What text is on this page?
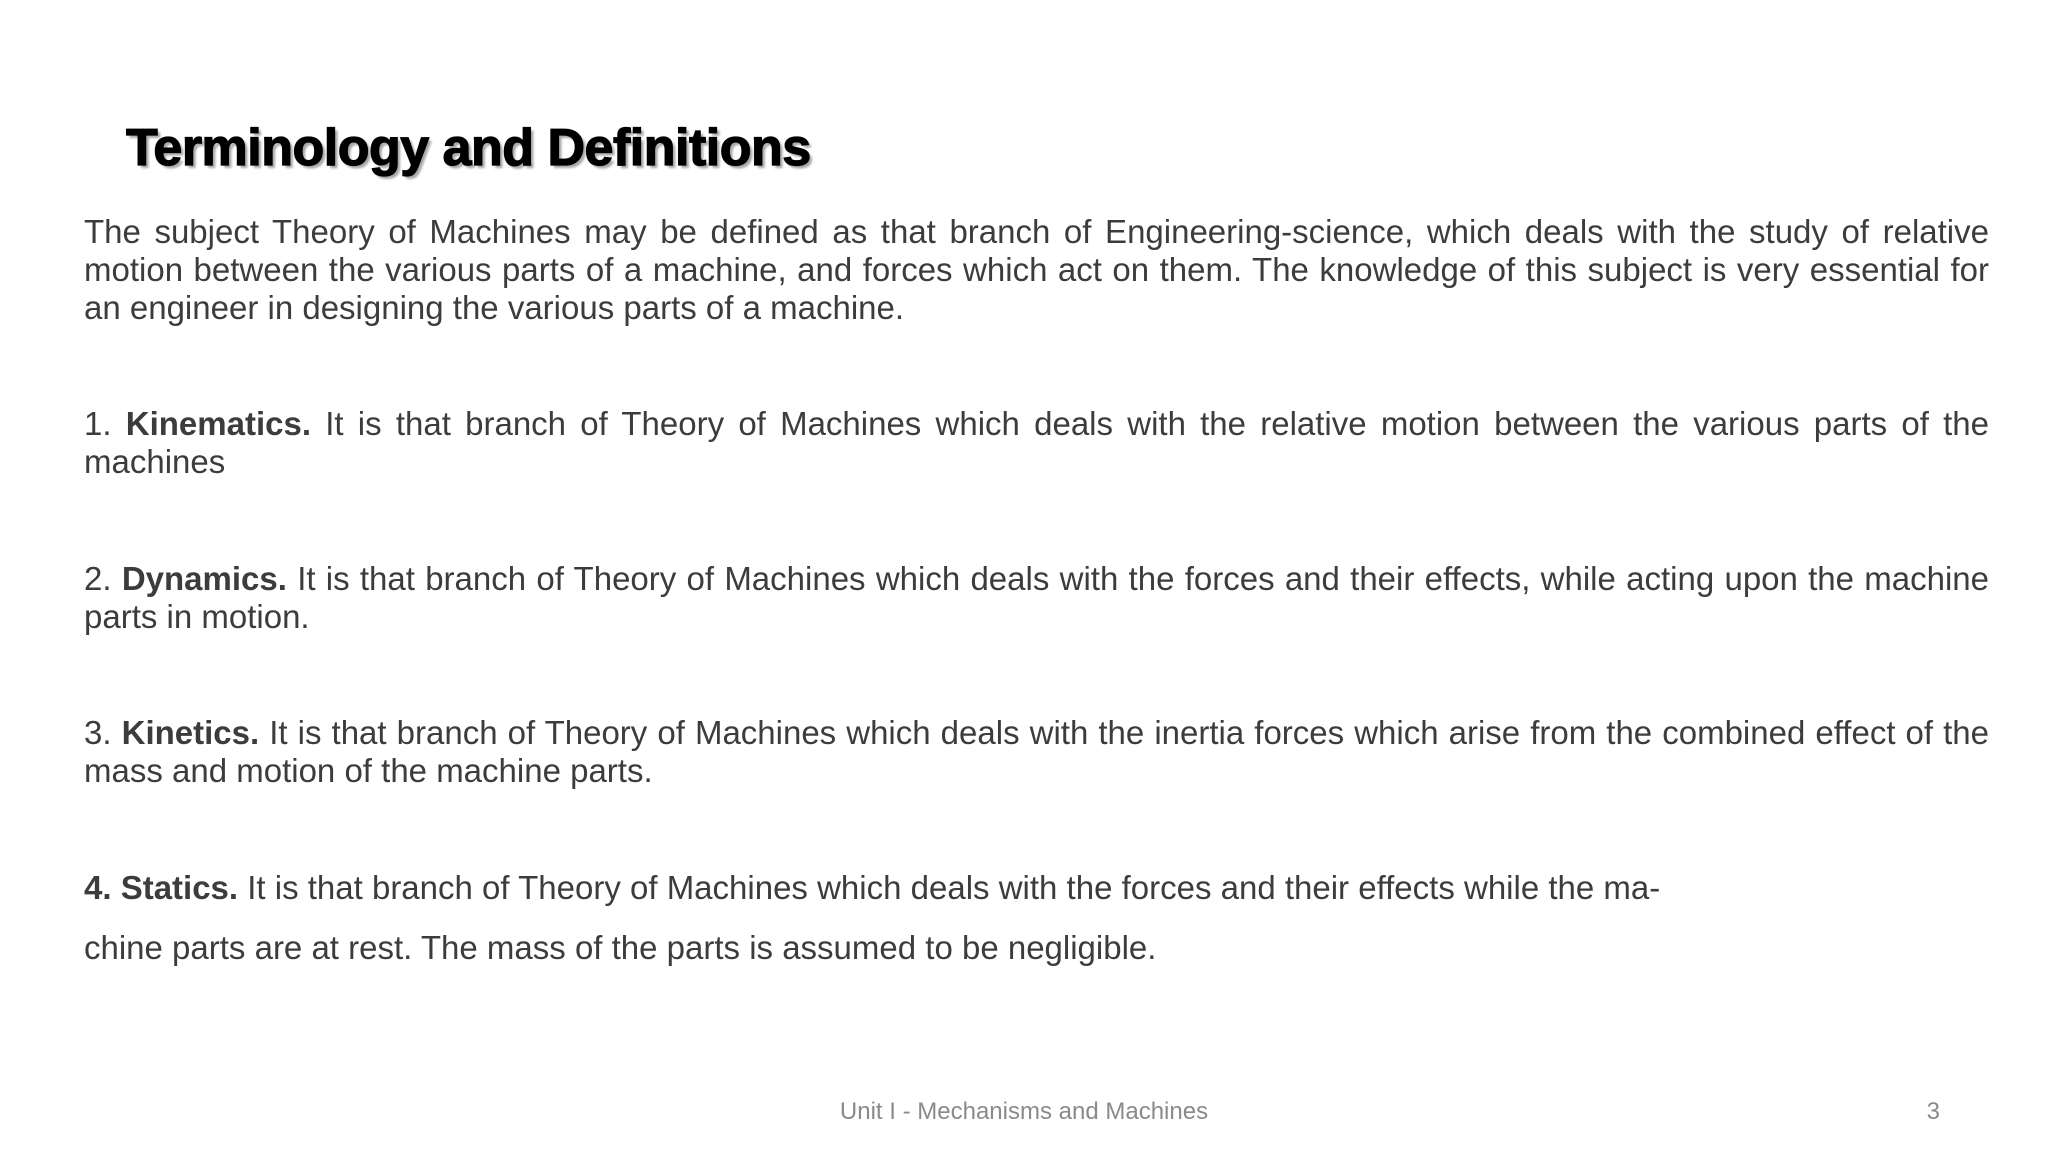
Terminology and Definitions

The subject Theory of Machines may be defined as that branch of Engineering-science, which deals with the study of relative motion between the various parts of a machine, and forces which act on them. The knowledge of this subject is very essential for an engineer in designing the various parts of a machine.

1. Kinematics. It is that branch of Theory of Machines which deals with the relative motion between the various parts of the machines

2. Dynamics. It is that branch of Theory of Machines which deals with the forces and their effects, while acting upon the machine parts in motion.

3. Kinetics. It is that branch of Theory of Machines which deals with the inertia forces which arise from the combined effect of the mass and motion of the machine parts.

4. Statics. It is that branch of Theory of Machines which deals with the forces and their effects while the ma-
chine parts are at rest. The mass of the parts is assumed to be negligible.
Unit I - Mechanisms and Machines	3
